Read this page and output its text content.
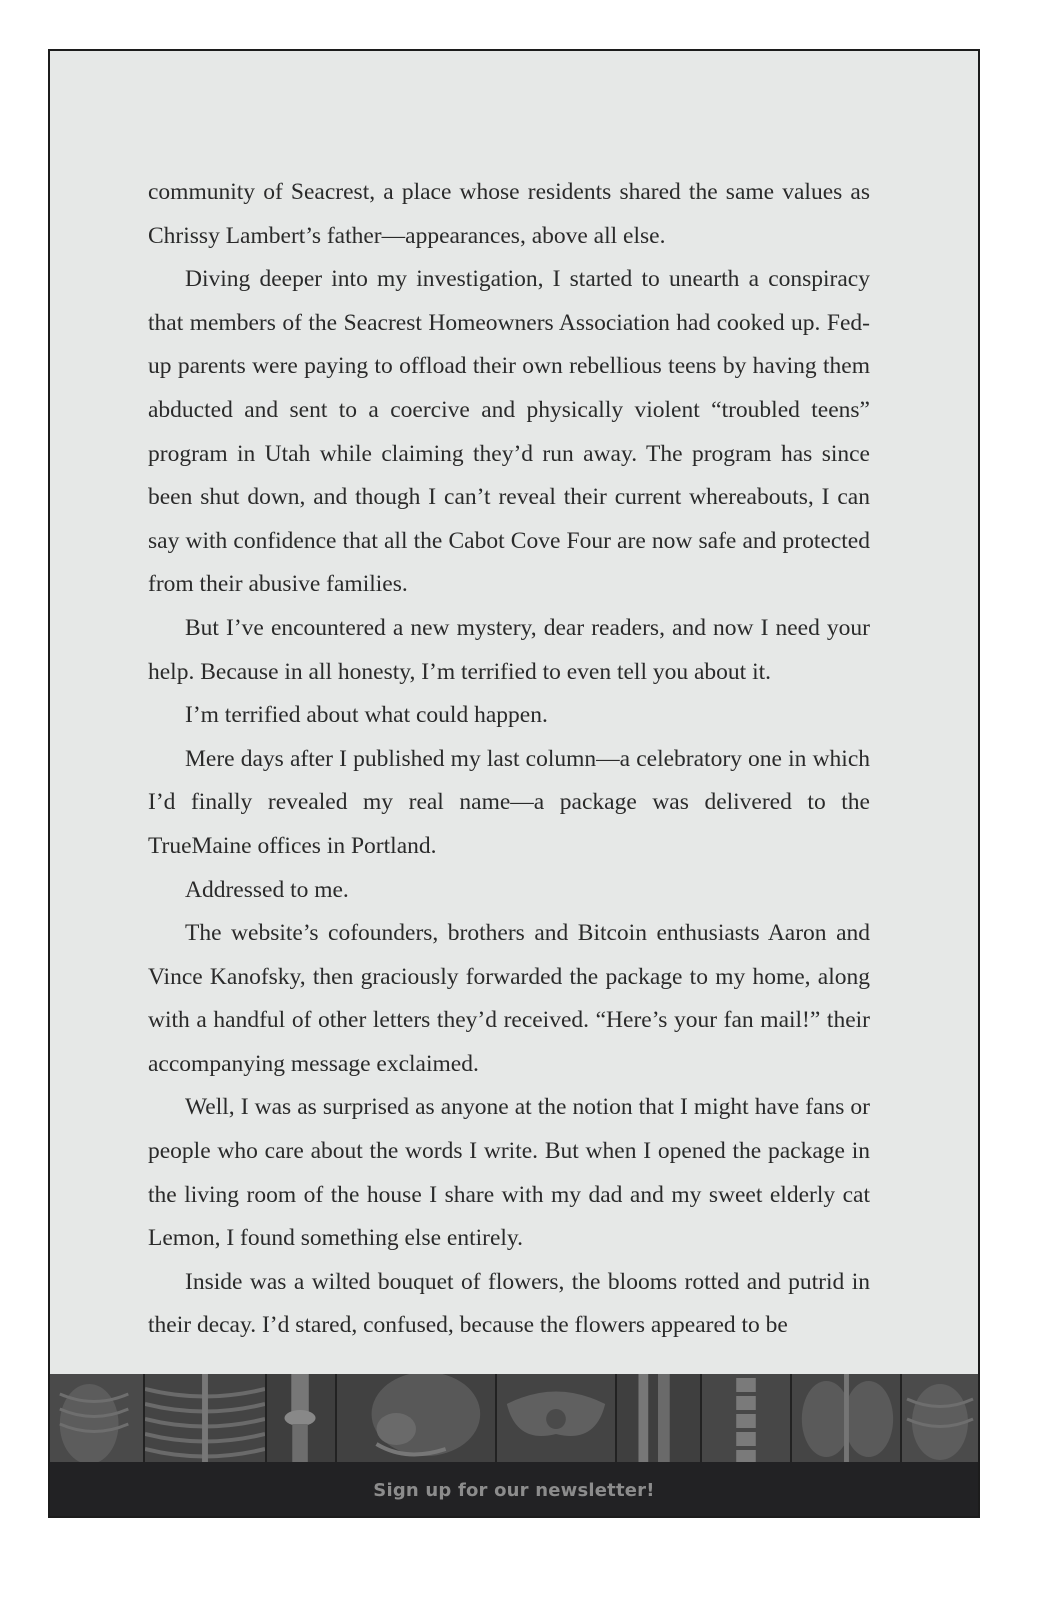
community of Seacrest, a place whose residents shared the same values as Chrissy Lambert’s father—appearances, above all else.

Diving deeper into my investigation, I started to unearth a conspiracy that members of the Seacrest Homeowners Association had cooked up. Fed-up parents were paying to offload their own rebellious teens by having them abducted and sent to a coercive and physically violent “troubled teens” program in Utah while claiming they’d run away. The program has since been shut down, and though I can’t reveal their current whereabouts, I can say with confidence that all the Cabot Cove Four are now safe and protected from their abusive families.

But I’ve encountered a new mystery, dear readers, and now I need your help. Because in all honesty, I’m terrified to even tell you about it.

I’m terrified about what could happen.

Mere days after I published my last column—a celebratory one in which I’d finally revealed my real name—a package was delivered to the TrueMaine offices in Portland.

Addressed to me.

The website’s cofounders, brothers and Bitcoin enthusiasts Aaron and Vince Kanofsky, then graciously forwarded the package to my home, along with a handful of other letters they’d received. “Here’s your fan mail!” their accompanying message exclaimed.

Well, I was as surprised as anyone at the notion that I might have fans or people who care about the words I write. But when I opened the package in the living room of the house I share with my dad and my sweet elderly cat Lemon, I found something else entirely.

Inside was a wilted bouquet of flowers, the blooms rotted and putrid in their decay. I’d stared, confused, because the flowers appeared to be

Sign up for our newsletter!
